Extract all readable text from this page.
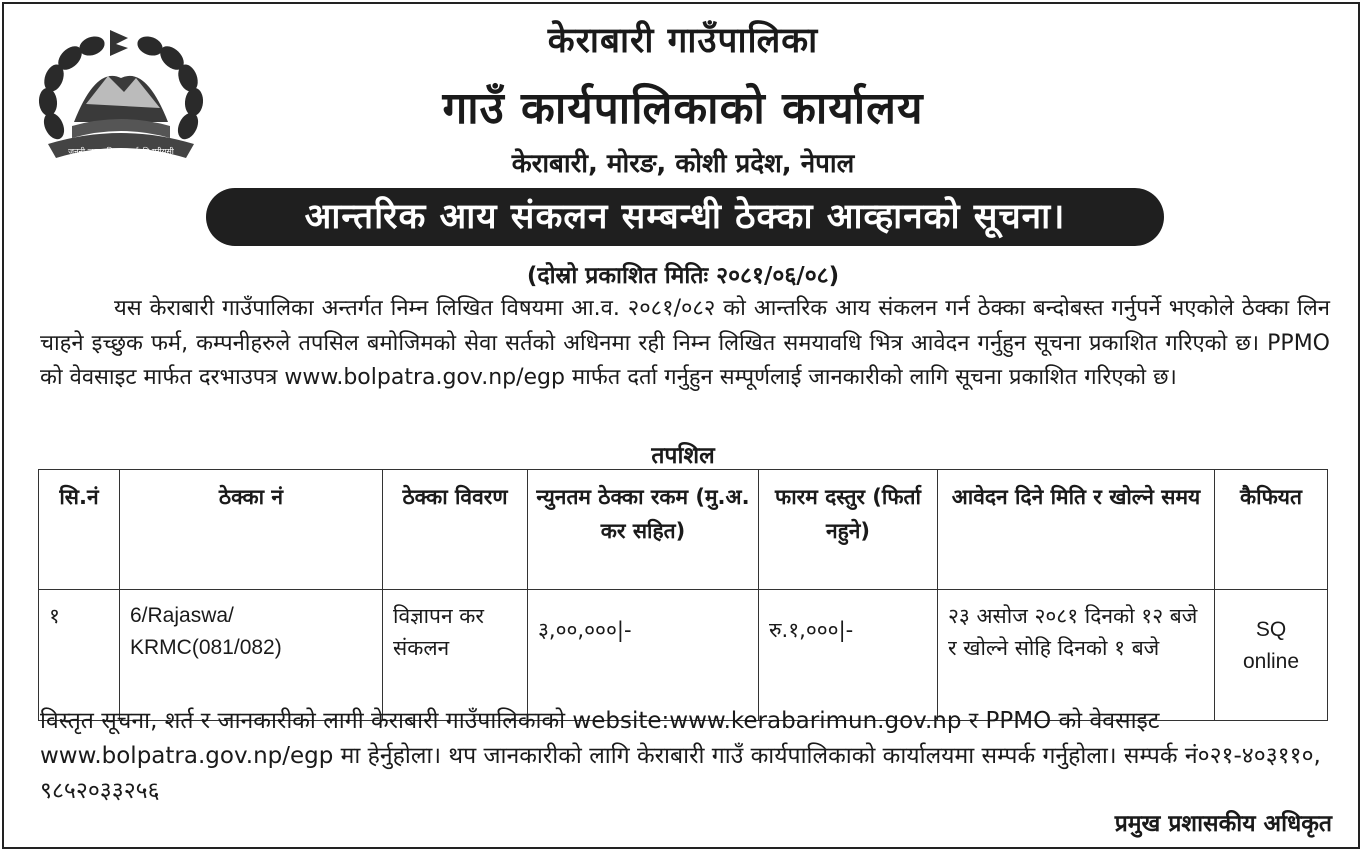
जननी जन्मभूमिश्च स्वर्गादपि गरीयसी
केराबारी गाउँपालिका
गाउँ कार्यपालिकाको कार्यालय
केराबारी, मोरङ, कोशी प्रदेश, नेपाल
आन्तरिक आय संकलन सम्बन्धी ठेक्का आव्हानको सूचना।
(दोस्रो प्रकाशित मितिः २०८१/०६/०८)

यस केराबारी गाउँपालिका अन्तर्गत निम्न लिखित विषयमा आ.व. २०८१/०८२ को आन्तरिक आय संकलन गर्न ठेक्का बन्दोबस्त गर्नुपर्ने भएकोले ठेक्का लिन चाहने इच्छुक फर्म, कम्पनीहरुले तपसिल बमोजिमको सेवा सर्तको अधिनमा रही निम्न लिखित समयावधि भित्र आवेदन गर्नुहुन सूचना प्रकाशित गरिएको छ। PPMO को वेवसाइट मार्फत दरभाउपत्र www.bolpatra.gov.np/egp मार्फत दर्ता गर्नुहुन सम्पूर्णलाई जानकारीको लागि सूचना प्रकाशित गरिएको छ।

तपशिल
सि.नं	ठेक्का नं	ठेक्का विवरण	न्युनतम ठेक्का रकम (मु.अ. कर सहित)	फारम दस्तुर (फिर्ता नहुने)	आवेदन दिने मिति र खोल्ने समय	कैफियत
१	6/Rajaswa/ KRMC(081/082)	विज्ञापन कर संकलन	३,००,०००|-	रु.१,०००|-	२३ असोज २०८१ दिनको १२ बजे र खोल्ने सोहि दिनको १ बजे	SQ online

विस्तृत सूचना, शर्त र जानकारीको लागी केराबारी गाउँपालिकाको website:www.kerabarimun.gov.np र PPMO को वेवसाइट www.bolpatra.gov.np/egp मा हेर्नुहोला। थप जानकारीको लागि केराबारी गाउँ कार्यपालिकाको कार्यालयमा सम्पर्क गर्नुहोला। सम्पर्क नं०२१-४०३११०, ९८५२०३३२५६

प्रमुख प्रशासकीय अधिकृत
